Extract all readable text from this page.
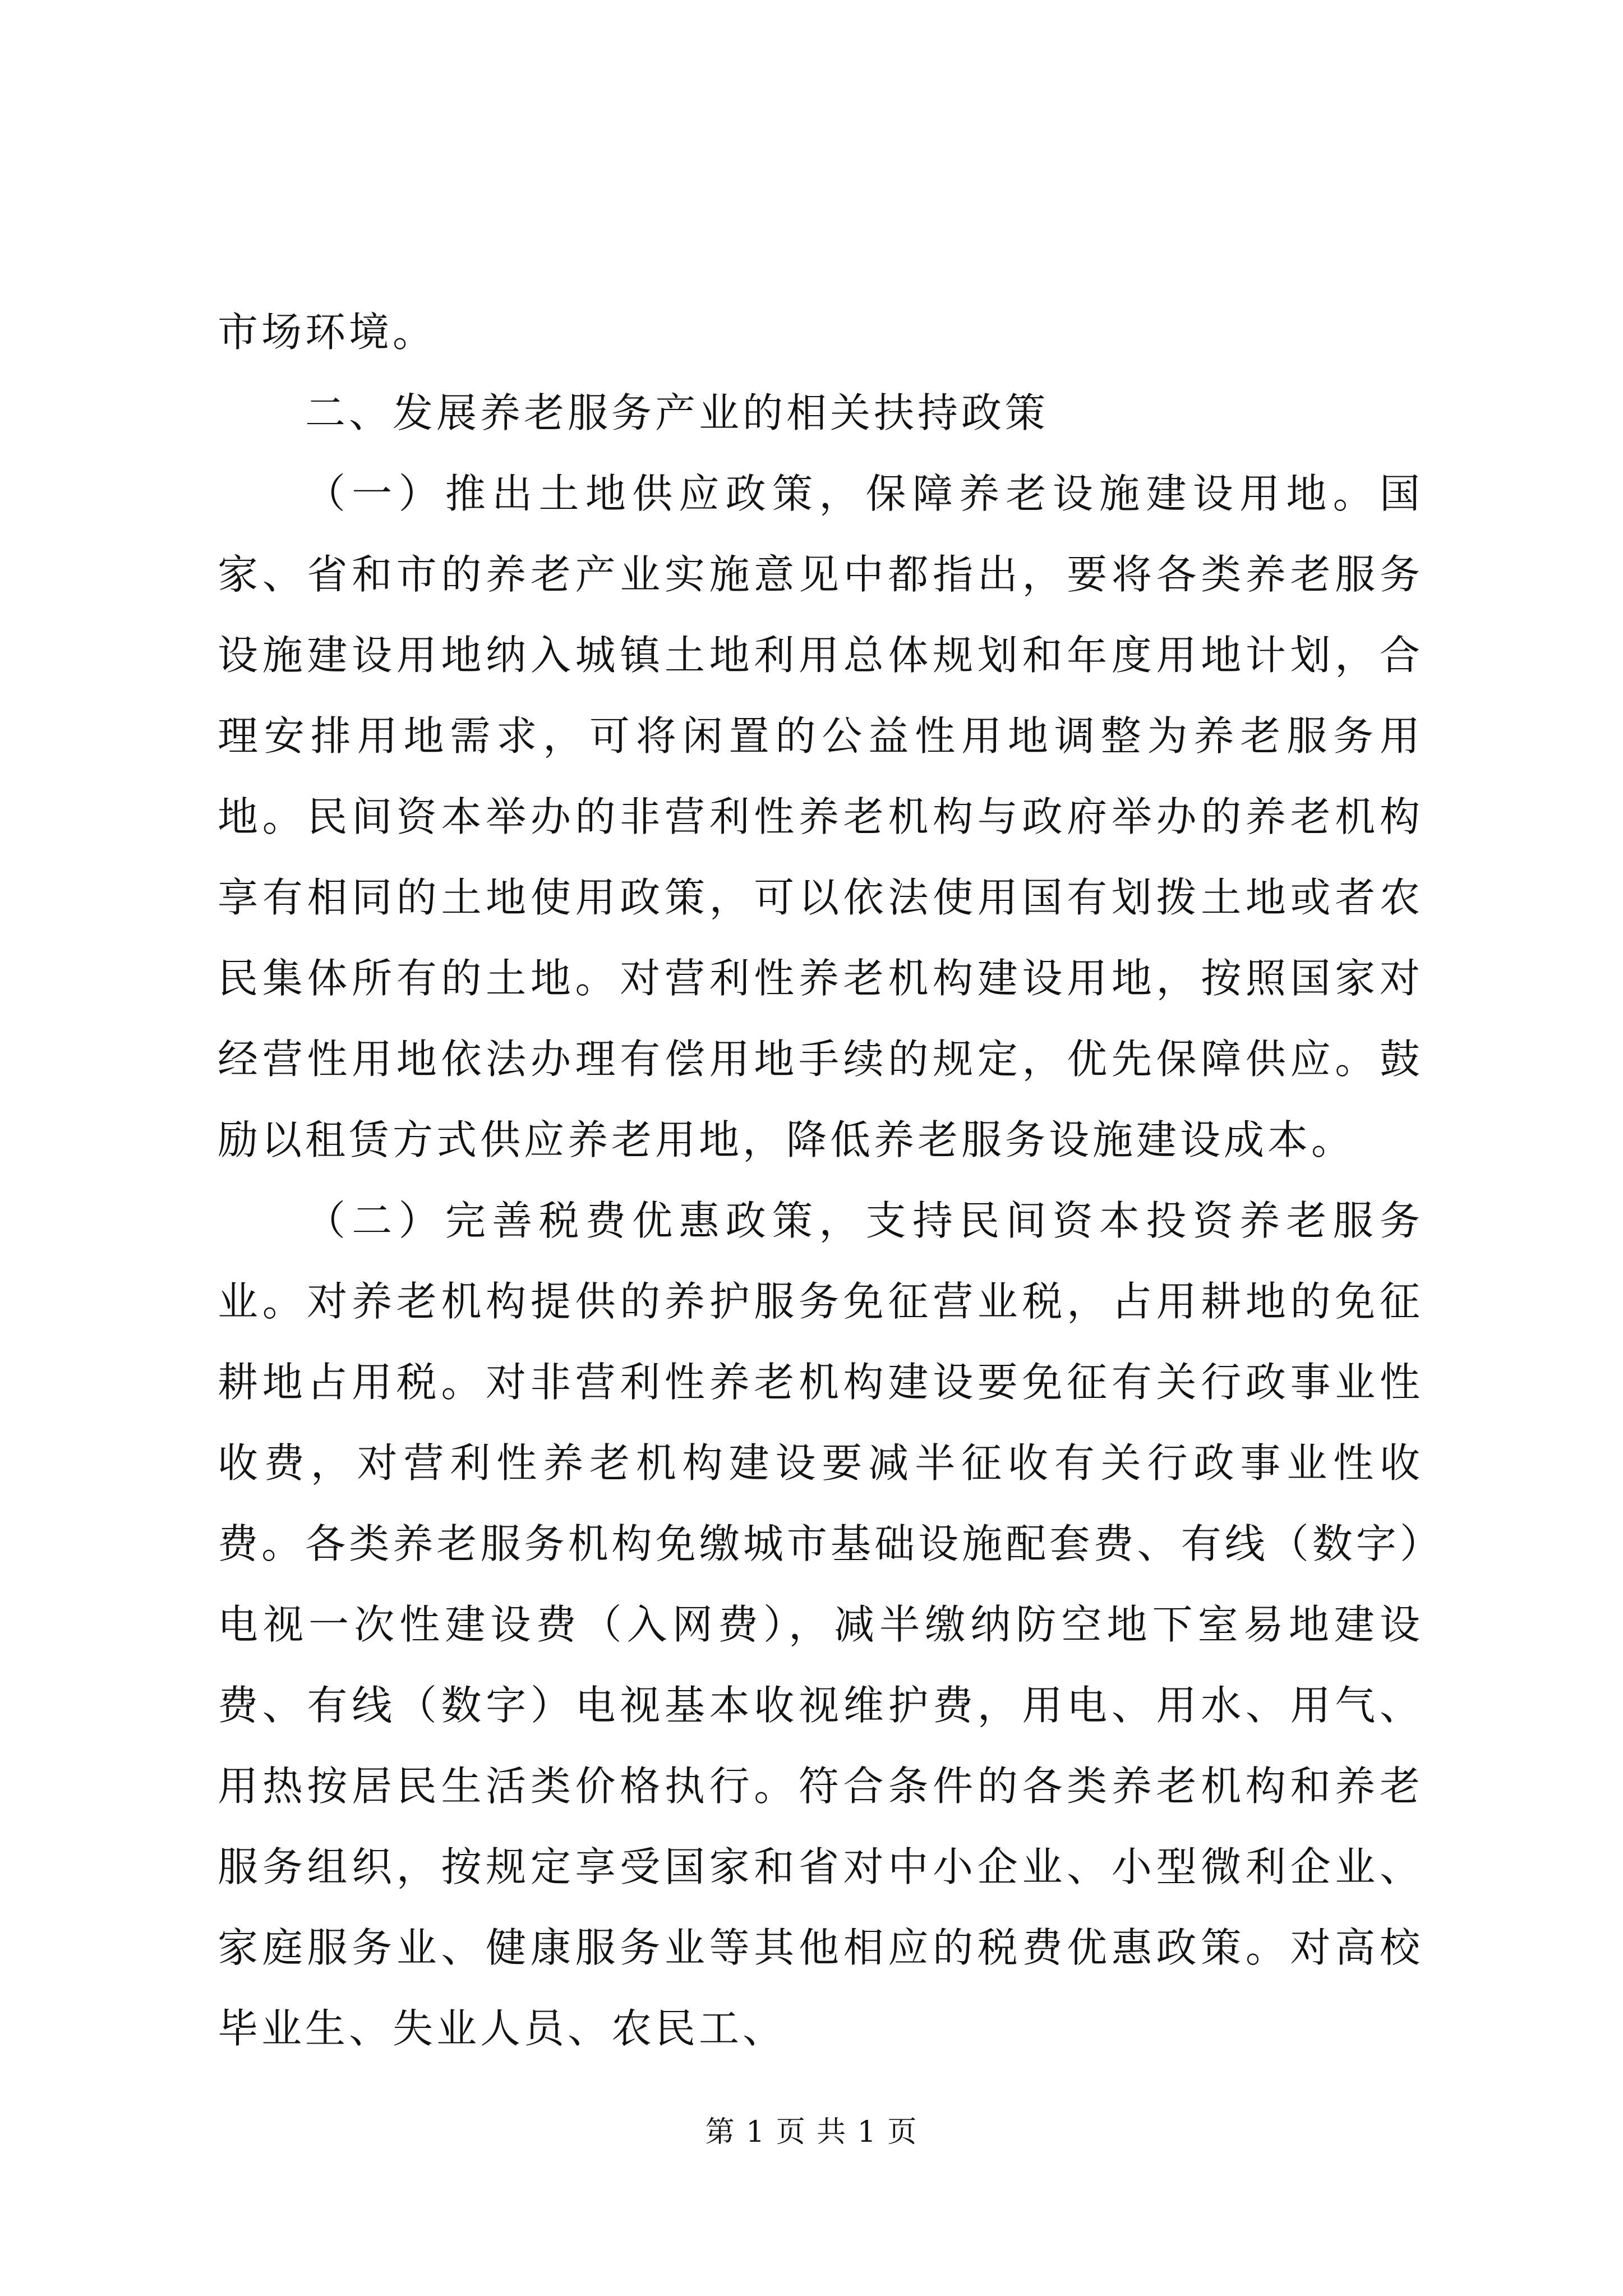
市场环境。

二、发展养老服务产业的相关扶持政策

（一）推出土地供应政策，保障养老设施建设用地。国家、省和市的养老产业实施意见中都指出，要将各类养老服务设施建设用地纳入城镇土地利用总体规划和年度用地计划，合理安排用地需求，可将闲置的公益性用地调整为养老服务用地。民间资本举办的非营利性养老机构与政府举办的养老机构享有相同的土地使用政策，可以依法使用国有划拨土地或者农民集体所有的土地。对营利性养老机构建设用地，按照国家对经营性用地依法办理有偿用地手续的规定，优先保障供应。鼓励以租赁方式供应养老用地，降低养老服务设施建设成本。

（二）完善税费优惠政策，支持民间资本投资养老服务业。对养老机构提供的养护服务免征营业税，占用耕地的免征耕地占用税。对非营利性养老机构建设要免征有关行政事业性收费，对营利性养老机构建设要减半征收有关行政事业性收费。各类养老服务机构免缴城市基础设施配套费、有线（数字）电视一次性建设费（入网费），减半缴纳防空地下室易地建设费、有线（数字）电视基本收视维护费，用电、用水、用气、用热按居民生活类价格执行。符合条件的各类养老机构和养老服务组织，按规定享受国家和省对中小企业、小型微利企业、家庭服务业、健康服务业等其他相应的税费优惠政策。对高校毕业生、失业人员、农民工、

第 1 页 共 1 页
